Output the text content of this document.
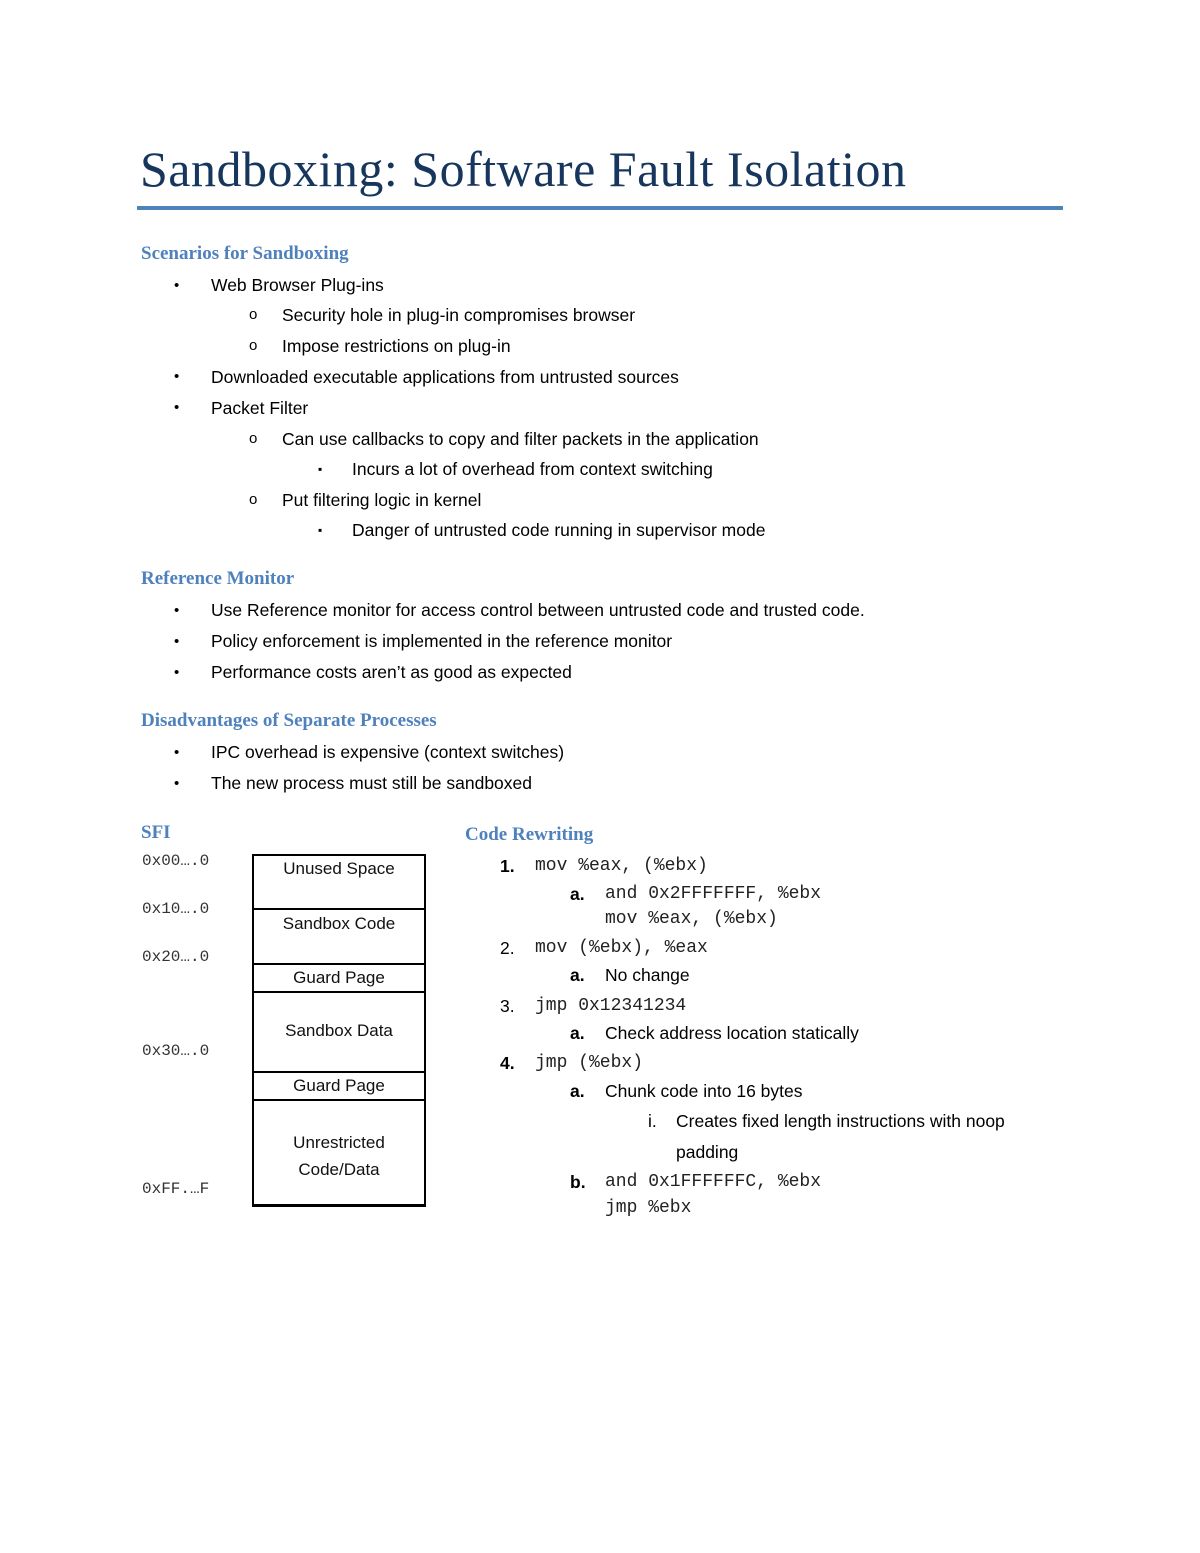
Sandboxing: Software Fault Isolation
Scenarios for Sandboxing
• Web Browser Plug-ins
o Security hole in plug-in compromises browser
o Impose restrictions on plug-in
• Downloaded executable applications from untrusted sources
• Packet Filter
o Can use callbacks to copy and filter packets in the application
▪ Incurs a lot of overhead from context switching
o Put filtering logic in kernel
▪ Danger of untrusted code running in supervisor mode
Reference Monitor
• Use Reference monitor for access control between untrusted code and trusted code.
• Policy enforcement is implemented in the reference monitor
• Performance costs aren’t as good as expected
Disadvantages of Separate Processes
• IPC overhead is expensive (context switches)
• The new process must still be sandboxed
SFI
0x00….0
0x10….0
0x20….0
0x30….0
0xFF.…F
Unused Space
Sandbox Code
Guard Page
Sandbox Data
Guard Page
Unrestricted Code/Data
Code Rewriting
1. mov %eax, (%ebx)
a. and 0x2FFFFFFF, %ebx
mov %eax, (%ebx)
2. mov (%ebx), %eax
a. No change
3. jmp 0x12341234
a. Check address location statically
4. jmp (%ebx)
a. Chunk code into 16 bytes
i. Creates fixed length instructions with noop
padding
b. and 0x1FFFFFFC, %ebx
jmp %ebx
